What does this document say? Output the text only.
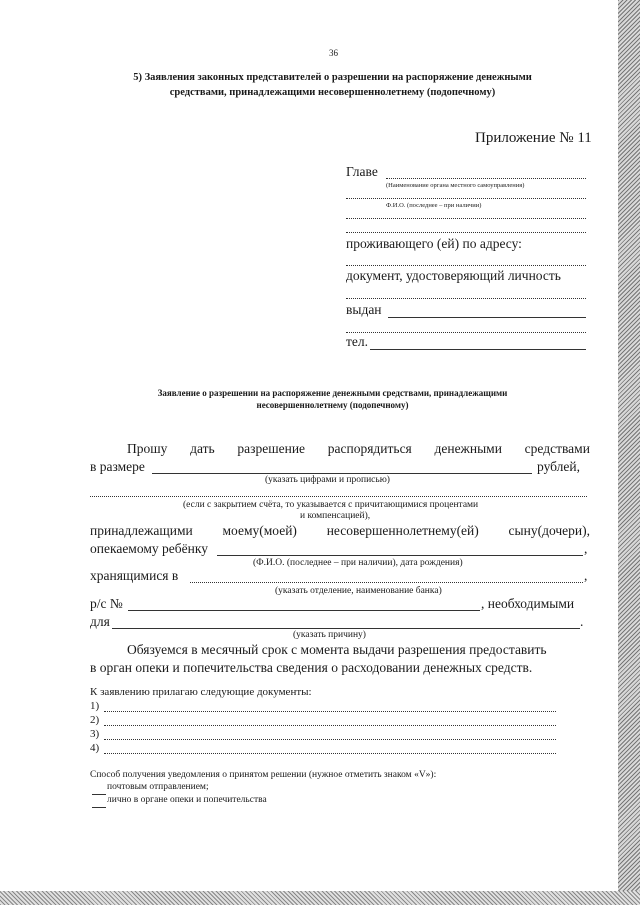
36
5) Заявления законных представителей о разрешении на распоряжение денежными
средствами, принадлежащими несовершеннолетнему (подопечному)
Приложение № 11
Главе
(Наименование органа местного самоуправления)
Ф.И.О. (последнее – при наличии)
проживающего (ей) по адресу:
документ, удостоверяющий личность
выдан
тел.
Заявление о разрешении на распоряжение денежными средствами, принадлежащими
несовершеннолетнему (подопечному)
Прошу дать разрешение распорядиться денежными средствами
в размере	рублей,
(указать цифрами и прописью)
(если с закрытием счёта, то указывается с причитающимися процентами
и компенсацией),
принадлежащими моему(моей) несовершеннолетнему(ей) сыну(дочери),
опекаемому ребёнку	,
(Ф.И.О. (последнее – при наличии), дата рождения)
хранящимися в	,
(указать отделение, наименование банка)
р/с №	, необходимыми
для	.
(указать причину)
Обязуемся в месячный срок с момента выдачи разрешения предоставить
в орган опеки и попечительства сведения о расходовании денежных средств.
К заявлению прилагаю следующие документы:
1)
2)
3)
4)
Способ получения уведомления о принятом решении (нужное отметить знаком «V»):
почтовым отправлением;
лично в органе опеки и попечительства
